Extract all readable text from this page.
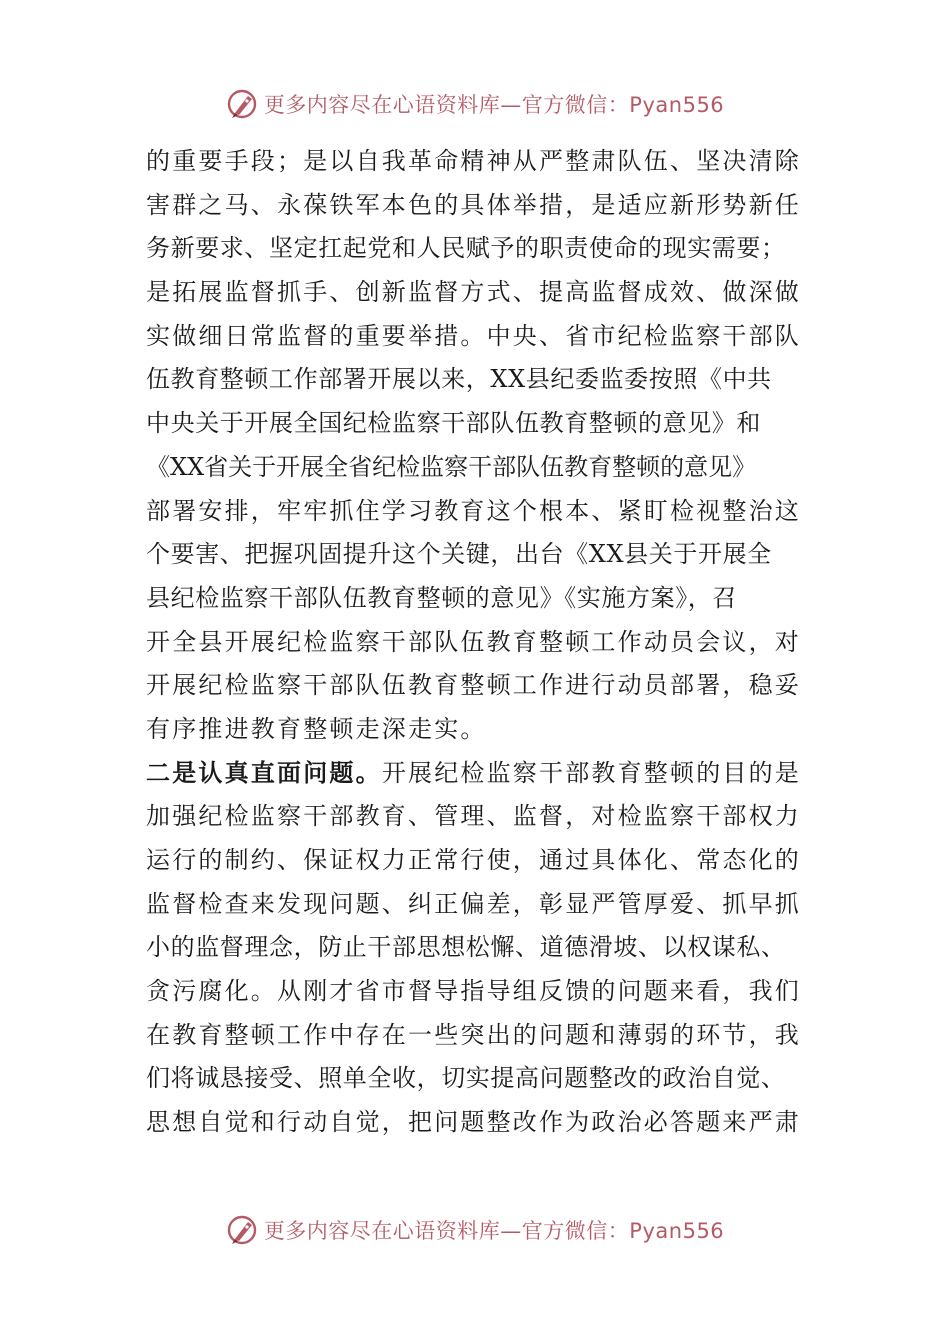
更多内容尽在心语资料库—官方微信：Pyan556
的重要手段；是以自我革命精神从严整肃队伍、坚决清除
害群之马、永葆铁军本色的具体举措，是适应新形势新任
务新要求、坚定扛起党和人民赋予的职责使命的现实需要；
是拓展监督抓手、创新监督方式、提高监督成效、做深做
实做细日常监督的重要举措。中央、省市纪检监察干部队
伍教育整顿工作部署开展以来，XX县纪委监委按照《中共
中央关于开展全国纪检监察干部队伍教育整顿的意见》和
《XX省关于开展全省纪检监察干部队伍教育整顿的意见》
部署安排，牢牢抓住学习教育这个根本、紧盯检视整治这
个要害、把握巩固提升这个关键，出台《XX县关于开展全
县纪检监察干部队伍教育整顿的意见》《实施方案》，召
开全县开展纪检监察干部队伍教育整顿工作动员会议，对
开展纪检监察干部队伍教育整顿工作进行动员部署，稳妥
有序推进教育整顿走深走实。
二是认真直面问题。开展纪检监察干部教育整顿的目的是
加强纪检监察干部教育、管理、监督，对检监察干部权力
运行的制约、保证权力正常行使，通过具体化、常态化的
监督检查来发现问题、纠正偏差，彰显严管厚爱、抓早抓
小的监督理念，防止干部思想松懈、道德滑坡、以权谋私、
贪污腐化。从刚才省市督导指导组反馈的问题来看，我们
在教育整顿工作中存在一些突出的问题和薄弱的环节，我
们将诚恳接受、照单全收，切实提高问题整改的政治自觉、
思想自觉和行动自觉，把问题整改作为政治必答题来严肃
更多内容尽在心语资料库—官方微信：Pyan556
